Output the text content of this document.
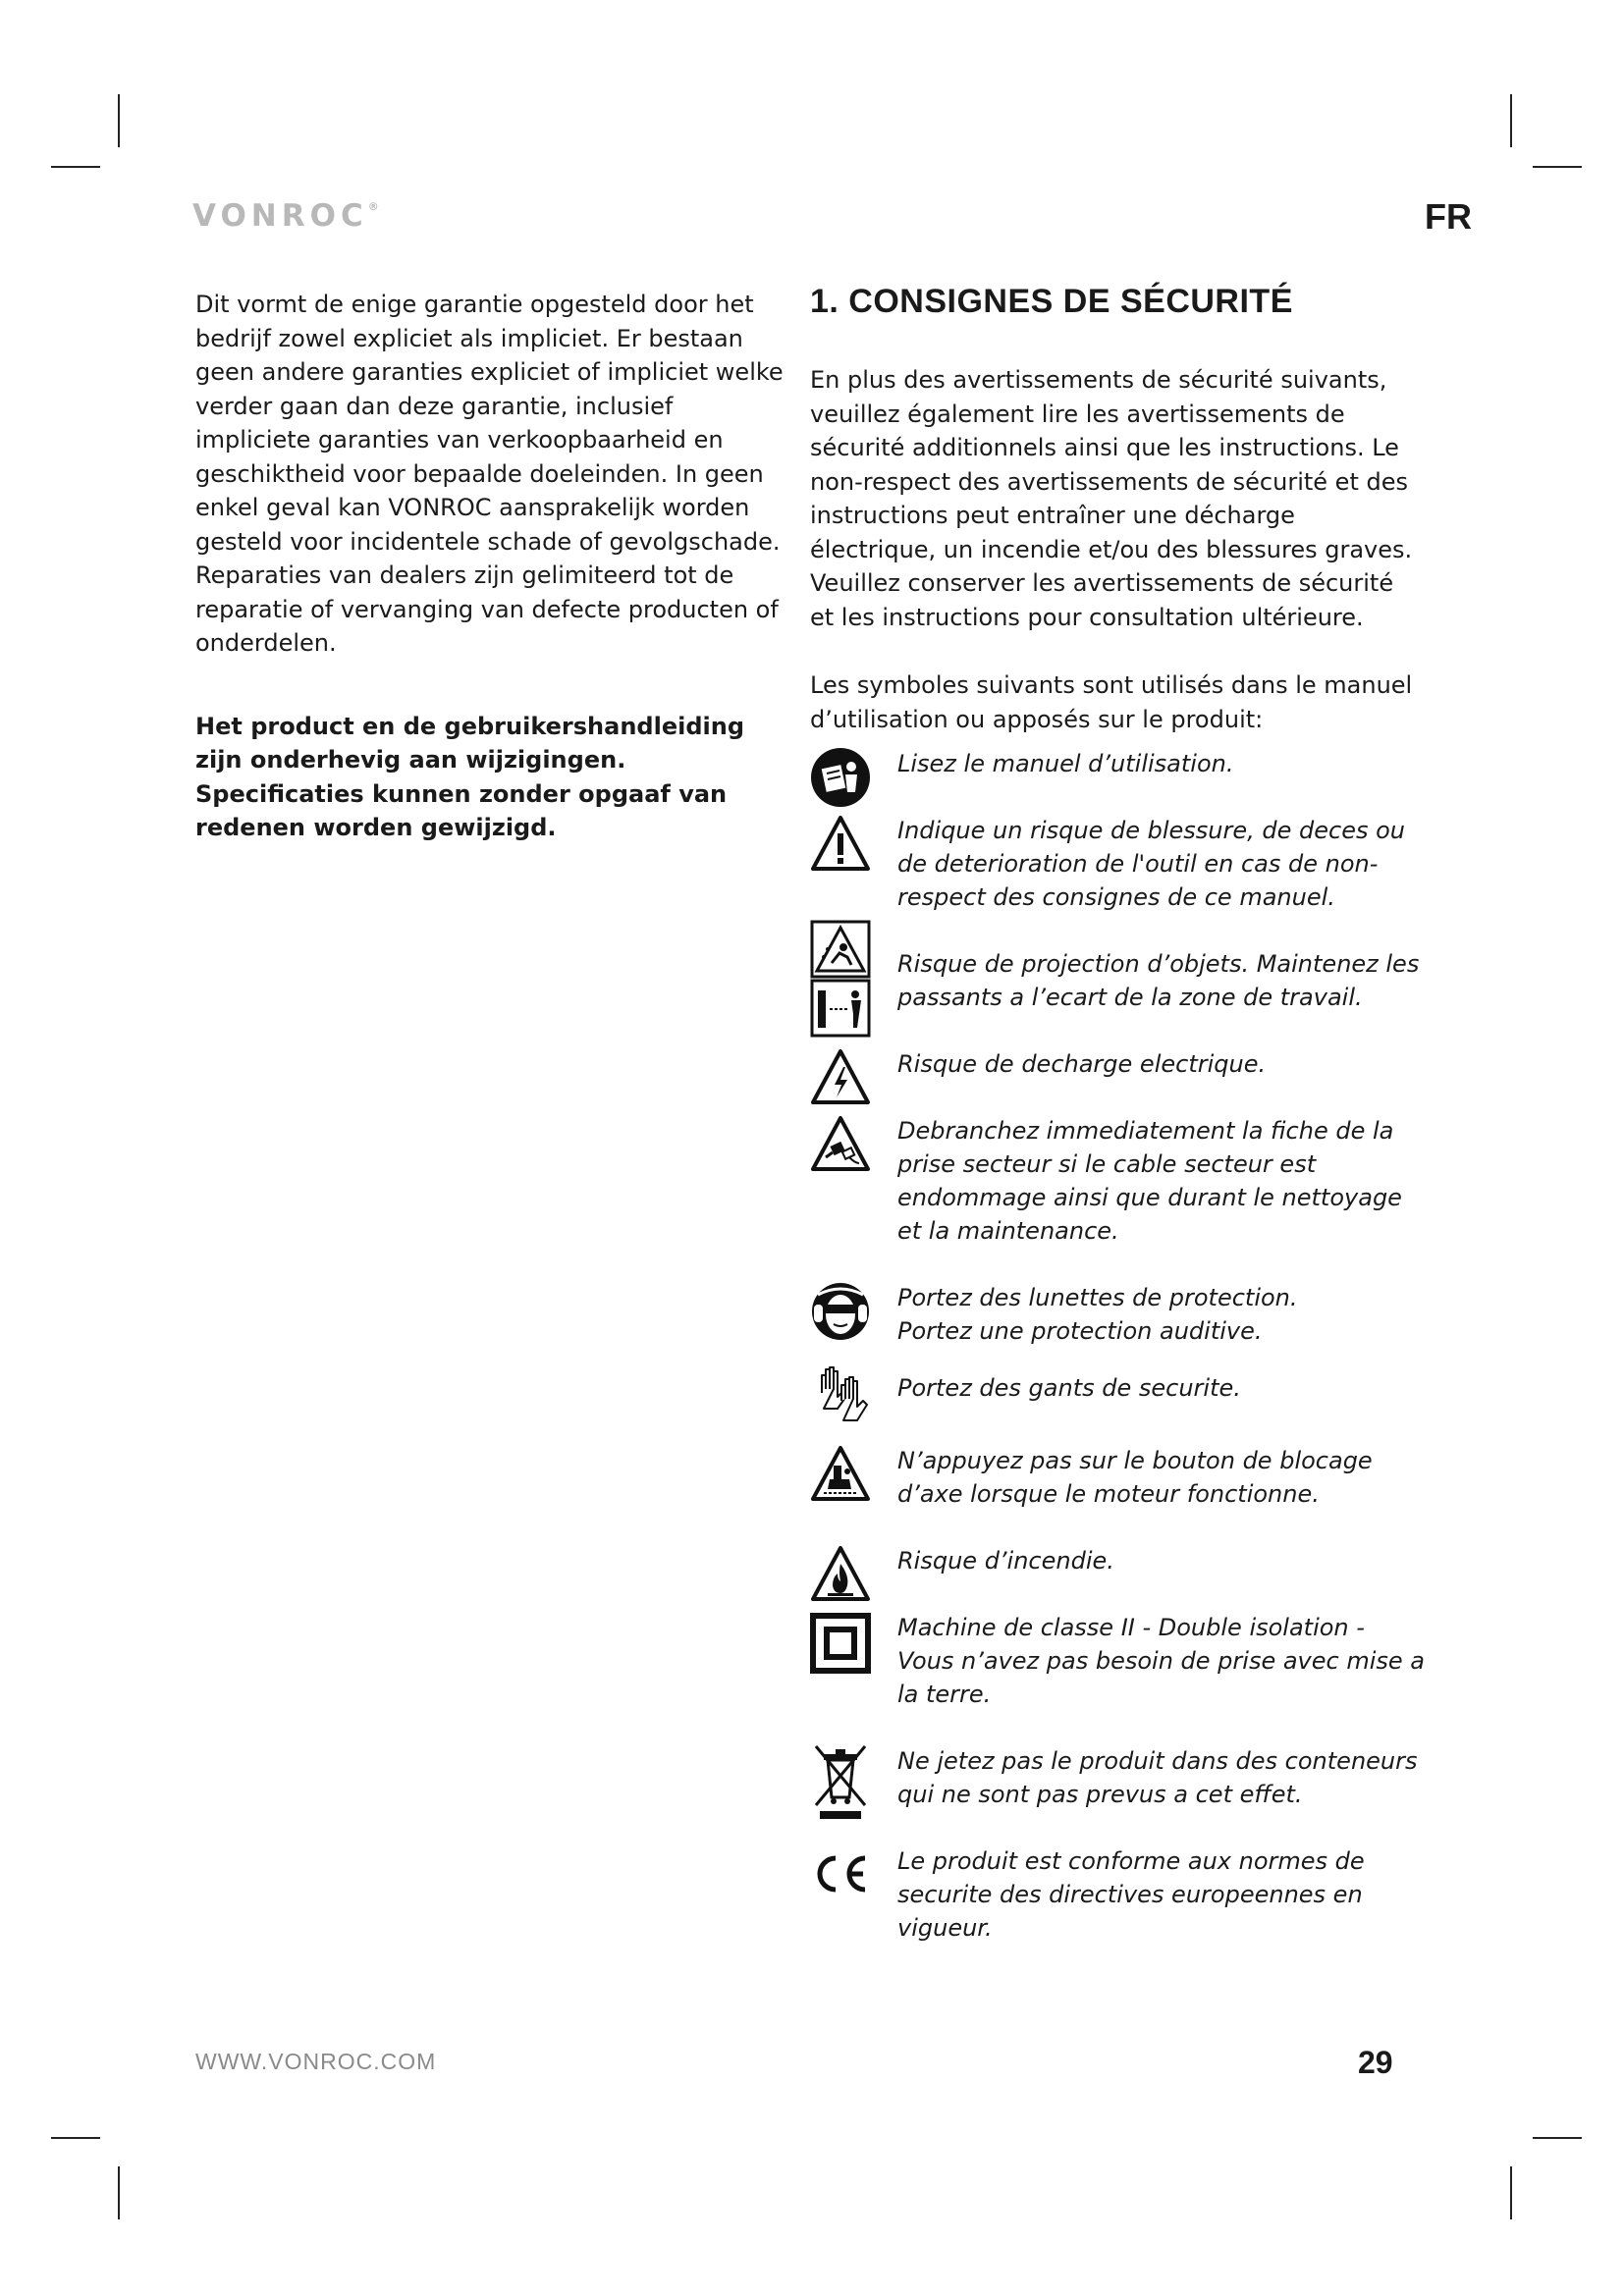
VONROC®	FR

Dit vormt de enige garantie opgesteld door het bedrijf zowel expliciet als impliciet. Er bestaan geen andere garanties expliciet of impliciet welke verder gaan dan deze garantie, inclusief impliciete garanties van verkoopbaarheid en geschiktheid voor bepaalde doeleinden. In geen enkel geval kan VONROC aansprakelijk worden gesteld voor incidentele schade of gevolgschade. Reparaties van dealers zijn gelimiteerd tot de reparatie of vervanging van defecte producten of onderdelen.

Het product en de gebruikershandleiding zijn onderhevig aan wijzigingen. Specificaties kunnen zonder opgaaf van redenen worden gewijzigd.

1. CONSIGNES DE SÉCURITÉ

En plus des avertissements de sécurité suivants, veuillez également lire les avertissements de sécurité additionnels ainsi que les instructions. Le non-respect des avertissements de sécurité et des instructions peut entraîner une décharge électrique, un incendie et/ou des blessures graves. Veuillez conserver les avertissements de sécurité et les instructions pour consultation ultérieure.

Les symboles suivants sont utilisés dans le manuel d’utilisation ou apposés sur le produit:

Lisez le manuel d’utilisation.
Indique un risque de blessure, de deces ou de deterioration de l'outil en cas de non-respect des consignes de ce manuel.
Risque de projection d’objets. Maintenez les passants a l’ecart de la zone de travail.
Risque de decharge electrique.
Debranchez immediatement la fiche de la prise secteur si le cable secteur est endommage ainsi que durant le nettoyage et la maintenance.
Portez des lunettes de protection.
Portez une protection auditive.
Portez des gants de securite.
N’appuyez pas sur le bouton de blocage d’axe lorsque le moteur fonctionne.
Risque d’incendie.
Machine de classe II - Double isolation - Vous n’avez pas besoin de prise avec mise a la terre.
Ne jetez pas le produit dans des conteneurs qui ne sont pas prevus a cet effet.
Le produit est conforme aux normes de securite des directives europeennes en vigueur.
WWW.VONROC.COM	29
